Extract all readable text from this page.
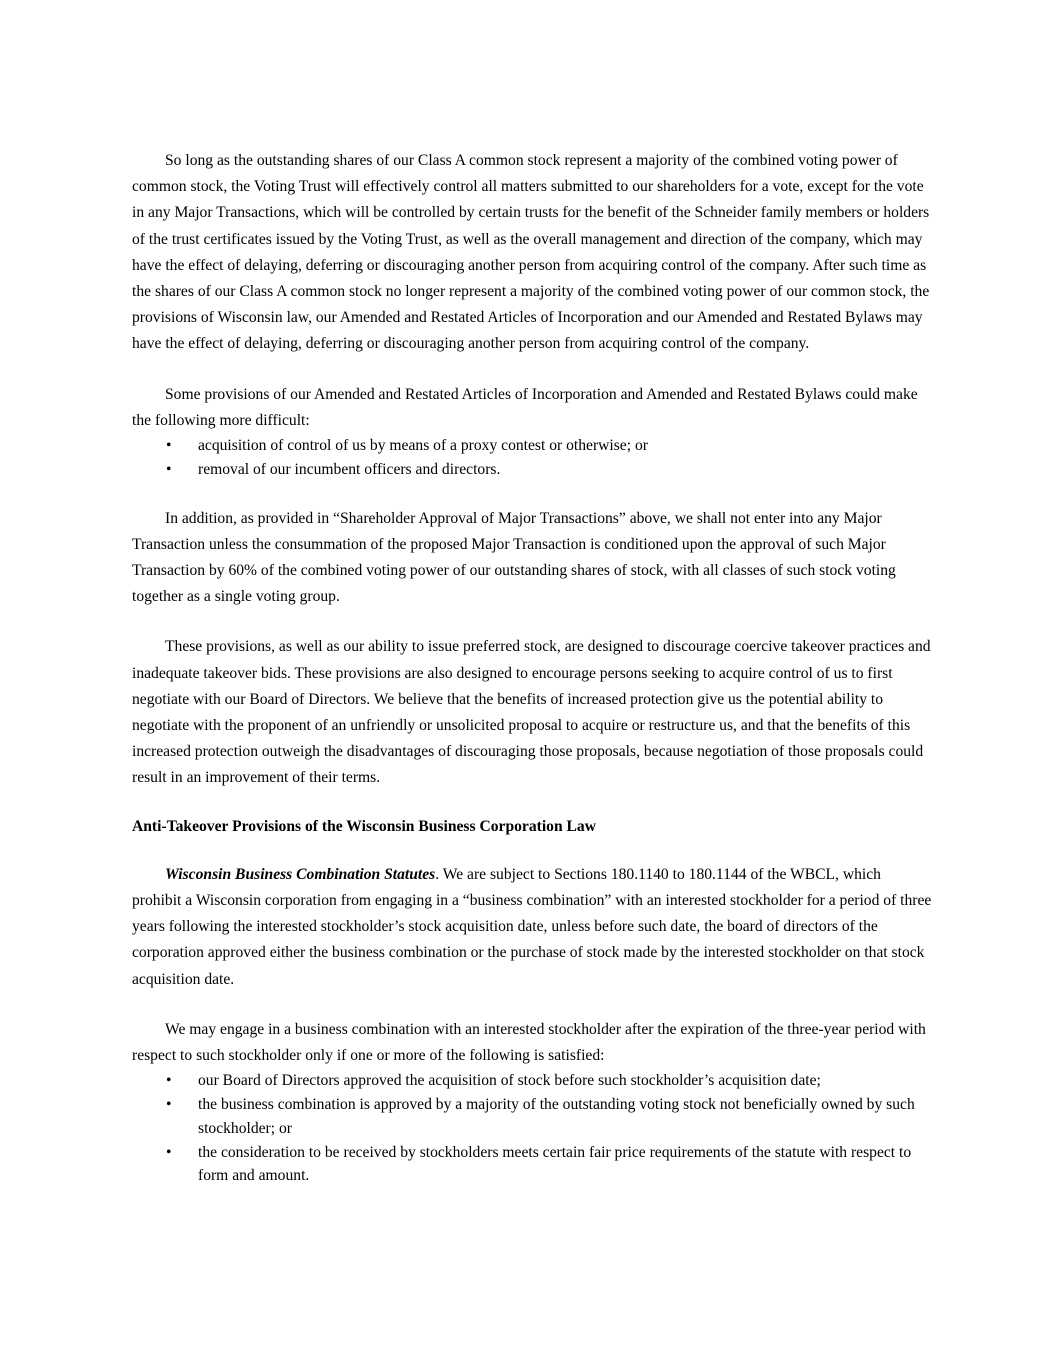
So long as the outstanding shares of our Class A common stock represent a majority of the combined voting power of common stock, the Voting Trust will effectively control all matters submitted to our shareholders for a vote, except for the vote in any Major Transactions, which will be controlled by certain trusts for the benefit of the Schneider family members or holders of the trust certificates issued by the Voting Trust, as well as the overall management and direction of the company, which may have the effect of delaying, deferring or discouraging another person from acquiring control of the company. After such time as the shares of our Class A common stock no longer represent a majority of the combined voting power of our common stock, the provisions of Wisconsin law, our Amended and Restated Articles of Incorporation and our Amended and Restated Bylaws may have the effect of delaying, deferring or discouraging another person from acquiring control of the company.

Some provisions of our Amended and Restated Articles of Incorporation and Amended and Restated Bylaws could make the following more difficult:

• acquisition of control of us by means of a proxy contest or otherwise; or
• removal of our incumbent officers and directors.

In addition, as provided in “Shareholder Approval of Major Transactions” above, we shall not enter into any Major Transaction unless the consummation of the proposed Major Transaction is conditioned upon the approval of such Major Transaction by 60% of the combined voting power of our outstanding shares of stock, with all classes of such stock voting together as a single voting group.

These provisions, as well as our ability to issue preferred stock, are designed to discourage coercive takeover practices and inadequate takeover bids. These provisions are also designed to encourage persons seeking to acquire control of us to first negotiate with our Board of Directors. We believe that the benefits of increased protection give us the potential ability to negotiate with the proponent of an unfriendly or unsolicited proposal to acquire or restructure us, and that the benefits of this increased protection outweigh the disadvantages of discouraging those proposals, because negotiation of those proposals could result in an improvement of their terms.

Anti-Takeover Provisions of the Wisconsin Business Corporation Law

Wisconsin Business Combination Statutes. We are subject to Sections 180.1140 to 180.1144 of the WBCL, which prohibit a Wisconsin corporation from engaging in a “business combination” with an interested stockholder for a period of three years following the interested stockholder’s stock acquisition date, unless before such date, the board of directors of the corporation approved either the business combination or the purchase of stock made by the interested stockholder on that stock acquisition date.

We may engage in a business combination with an interested stockholder after the expiration of the three-year period with respect to such stockholder only if one or more of the following is satisfied:

• our Board of Directors approved the acquisition of stock before such stockholder’s acquisition date;
• the business combination is approved by a majority of the outstanding voting stock not beneficially owned by such stockholder; or
• the consideration to be received by stockholders meets certain fair price requirements of the statute with respect to form and amount.
